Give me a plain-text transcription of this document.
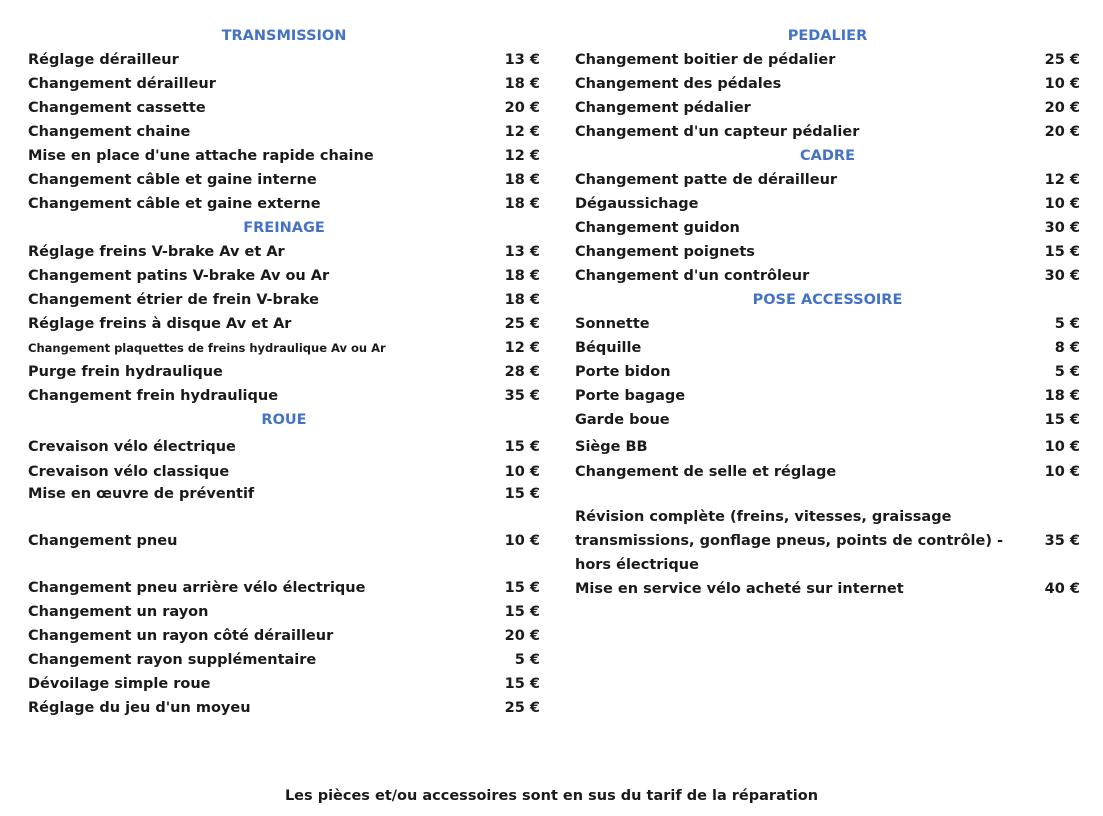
TRANSMISSION
Réglage dérailleur	13 €
Changement dérailleur	18 €
Changement cassette	20 €
Changement chaine	12 €
Mise en place d'une attache rapide chaine	12 €
Changement câble et gaine interne	18 €
Changement câble et gaine externe	18 €
FREINAGE
Réglage freins V-brake Av et Ar	13 €
Changement patins V-brake Av ou Ar	18 €
Changement étrier de frein V-brake	18 €
Réglage freins à disque Av et Ar	25 €
Changement plaquettes de freins hydraulique Av ou Ar	12 €
Purge frein hydraulique	28 €
Changement frein hydraulique	35 €
ROUE
Crevaison vélo électrique	15 €
Crevaison vélo classique	10 €
Mise en œuvre de préventif	15 €
Changement pneu	10 €
Changement pneu arrière vélo électrique	15 €
Changement un rayon	15 €
Changement un rayon côté dérailleur	20 €
Changement rayon supplémentaire	5 €
Dévoilage simple roue	15 €
Réglage du jeu d'un moyeu	25 €
PEDALIER
Changement boitier de pédalier	25 €
Changement des pédales	10 €
Changement pédalier	20 €
Changement d'un capteur pédalier	20 €
CADRE
Changement patte de dérailleur	12 €
Dégaussichage	10 €
Changement guidon	30 €
Changement poignets	15 €
Changement d'un contrôleur	30 €
POSE ACCESSOIRE
Sonnette	5 €
Béquille	8 €
Porte bidon	5 €
Porte bagage	18 €
Garde boue	15 €
Siège BB	10 €
Changement de selle et réglage	10 €
Révision complète (freins, vitesses, graissage
transmissions, gonflage pneus, points de contrôle) -
hors électrique
35 €
Mise en service vélo acheté sur internet	40 €
Les pièces et/ou accessoires sont en sus du tarif de la réparation
